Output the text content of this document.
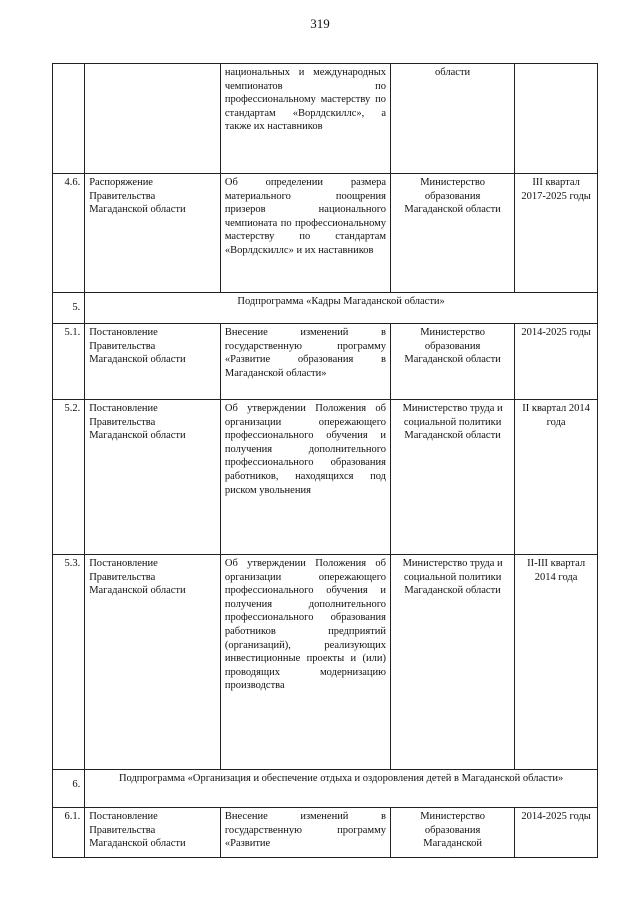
319
		национальных и международных чемпионатов по профессиональному мастерству по стандартам «Ворлдскиллс», а также их наставников	области	
4.6.	Распоряжение Правительства Магаданской области	Об определении размера материального поощрения призеров национального чемпионата по профессиональному мастерству по стандартам «Ворлдскиллс» и их наставников	Министерство образования Магаданской области	III квартал 2017-2025 годы
5.	Подпрограмма «Кадры Магаданской области»			
5.1.	Постановление Правительства Магаданской области	Внесение изменений в государственную программу «Развитие образования в Магаданской области»	Министерство образования Магаданской области	2014-2025 годы
5.2.	Постановление Правительства Магаданской области	Об утверждении Положения об организации опережающего профессионального обучения и получения дополнительного профессионального образования работников, находящихся под риском увольнения	Министерство труда и социальной политики Магаданской области	II квартал 2014 года
5.3.	Постановление Правительства Магаданской области	Об утверждении Положения об организации опережающего профессионального обучения и получения дополнительного профессионального образования работников предприятий (организаций), реализующих инвестиционные проекты и (или) проводящих модернизацию производства	Министерство труда и социальной политики Магаданской области	II-III квартал 2014 года
6.	Подпрограмма «Организация и обеспечение отдыха и оздоровления детей в Магаданской области»			
6.1.	Постановление Правительства Магаданской области	Внесение изменений в государственную программу «Развитие	Министерство образования Магаданской	2014-2025 годы
